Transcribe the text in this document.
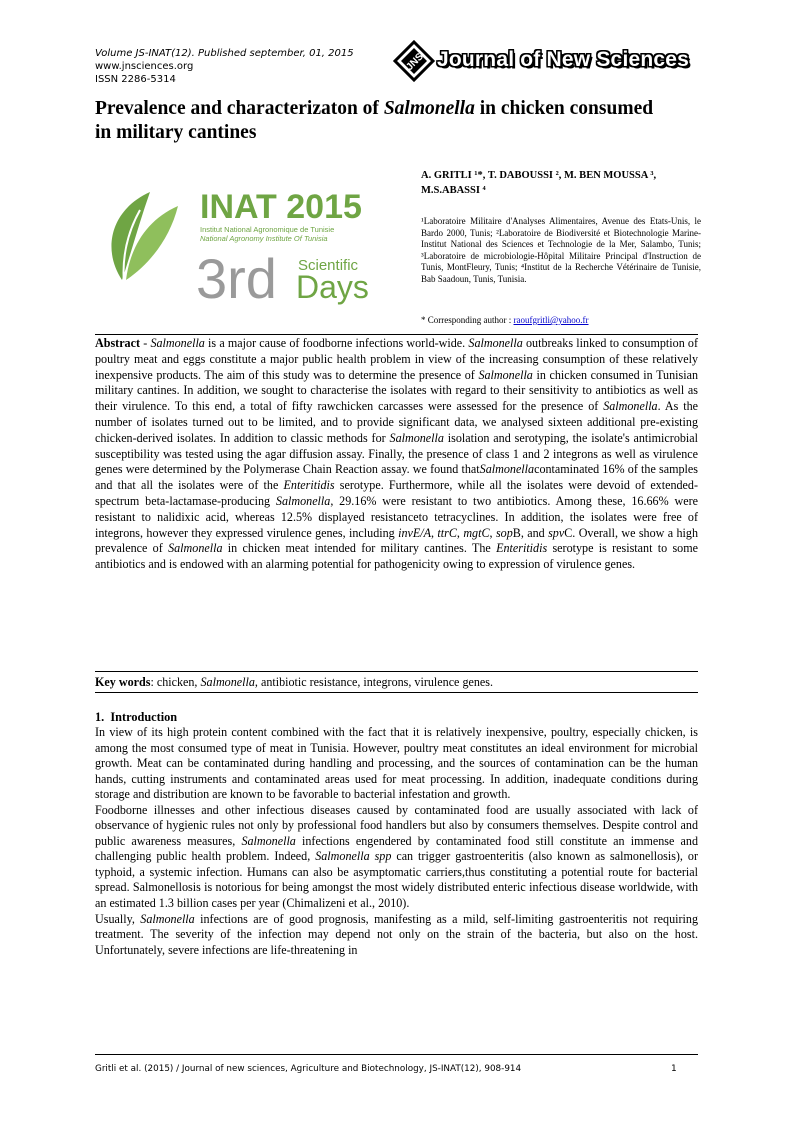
Volume JS-INAT(12). Published september, 01, 2015
www.jnsciences.org
ISSN 2286-5314
JNS Journal of New Sciences
Prevalence and characterizaton of Salmonella in chicken consumed in military cantines
INAT 2015
Institut National Agronomique de Tunisie
National Agronomy Institute Of Tunisia
3rd Scientific
Days
A. GRITLI ¹*, T. DABOUSSI ², M. BEN MOUSSA ³, M.S.ABASSI ⁴
¹Laboratoire Militaire d'Analyses Alimentaires, Avenue des Etats-Unis, le Bardo 2000, Tunis; ²Laboratoire de Biodiversité et Biotechnologie Marine-Institut National des Sciences et Technologie de la Mer, Salambo, Tunis; ³Laboratoire de microbiologie-Hôpital Militaire Principal d'Instruction de Tunis, MontFleury, Tunis; ⁴Institut de la Recherche Vétérinaire de Tunisie, Bab Saadoun, Tunis, Tunisia.
* Corresponding author : raoufgritli@yahoo.fr
Abstract - Salmonella is a major cause of foodborne infections world-wide. Salmonella outbreaks linked to consumption of poultry meat and eggs constitute a major public health problem in view of the increasing consumption of these relatively inexpensive products. The aim of this study was to determine the presence of Salmonella in chicken consumed in Tunisian military cantines. In addition, we sought to characterise the isolates with regard to their sensitivity to antibiotics as well as their virulence. To this end, a total of fifty rawchicken carcasses were assessed for the presence of Salmonella. As the number of isolates turned out to be limited, and to provide significant data, we analysed sixteen additional pre-existing chicken-derived isolates. In addition to classic methods for Salmonella isolation and serotyping, the isolate's antimicrobial susceptibility was tested using the agar diffusion assay. Finally, the presence of class 1 and 2 integrons as well as virulence genes were determined by the Polymerase Chain Reaction assay. we found thatSalmonellacontaminated 16% of the samples and that all the isolates were of the Enteritidis serotype. Furthermore, while all the isolates were devoid of extended-spectrum beta-lactamase-producing Salmonella, 29.16% were resistant to two antibiotics. Among these, 16.66% were resistant to nalidixic acid, whereas 12.5% displayed resistanceto tetracyclines. In addition, the isolates were free of integrons, however they expressed virulence genes, including invE/A, ttrC, mgtC, sopB, and spvC. Overall, we show a high prevalence of Salmonella in chicken meat intended for military cantines. The Enteritidis serotype is resistant to some antibiotics and is endowed with an alarming potential for pathogenicity owing to expression of virulence genes.
Key words: chicken, Salmonella, antibiotic resistance, integrons, virulence genes.
1. Introduction

In view of its high protein content combined with the fact that it is relatively inexpensive, poultry, especially chicken, is among the most consumed type of meat in Tunisia. However, poultry meat constitutes an ideal environment for microbial growth. Meat can be contaminated during handling and processing, and the sources of contamination can be the human hands, cutting instruments and contaminated areas used for meat processing. In addition, inadequate conditions during storage and distribution are known to be favorable to bacterial infestation and growth.

Foodborne illnesses and other infectious diseases caused by contaminated food are usually associated with lack of observance of hygienic rules not only by professional food handlers but also by consumers themselves. Despite control and public awareness measures, Salmonella infections engendered by contaminated food still constitute an immense and challenging public health problem. Indeed, Salmonella spp can trigger gastroenteritis (also known as salmonellosis), or typhoid, a systemic infection. Humans can also be asymptomatic carriers,thus constituting a potential route for bacterial spread. Salmonellosis is notorious for being amongst the most widely distributed enteric infectious disease worldwide, with an estimated 1.3 billion cases per year (Chimalizeni et al., 2010).

Usually, Salmonella infections are of good prognosis, manifesting as a mild, self-limiting gastroenteritis not requiring treatment. The severity of the infection may depend not only on the strain of the bacteria, but also on the host. Unfortunately, severe infections are life-threatening in

Gritli et al. (2015) / Journal of new sciences, Agriculture and Biotechnology, JS-INAT(12), 908-914	1
